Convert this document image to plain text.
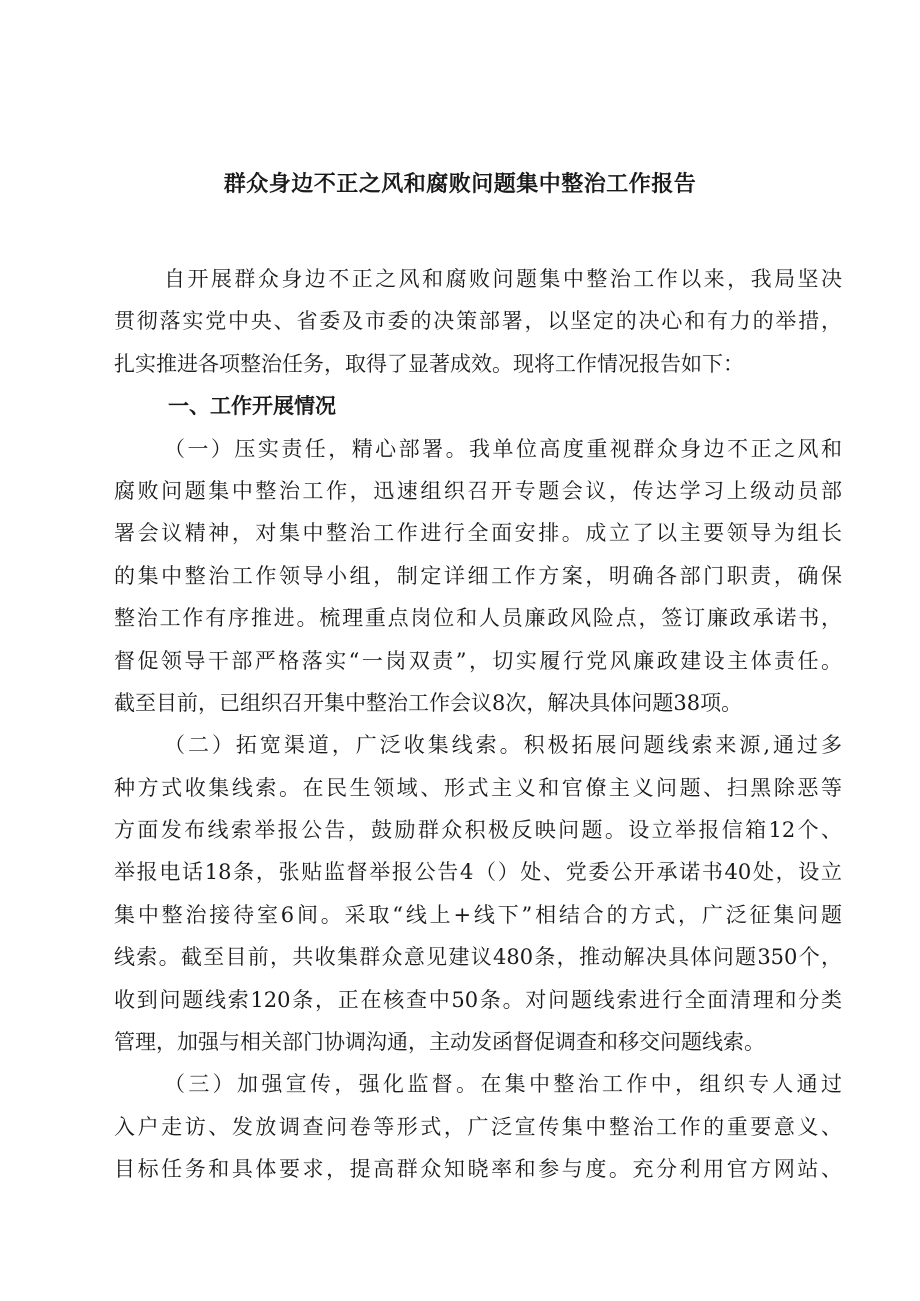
群众身边不正之风和腐败问题集中整治工作报告
自开展群众身边不正之风和腐败问题集中整治工作以来，我局坚决
贯彻落实党中央、省委及市委的决策部署，以坚定的决心和有力的举措，
扎实推进各项整治任务，取得了显著成效。现将工作情况报告如下：
一、工作开展情况
（一）压实责任，精心部署。我单位高度重视群众身边不正之风和
腐败问题集中整治工作，迅速组织召开专题会议，传达学习上级动员部
署会议精神，对集中整治工作进行全面安排。成立了以主要领导为组长
的集中整治工作领导小组，制定详细工作方案，明确各部门职责，确保
整治工作有序推进。梳理重点岗位和人员廉政风险点，签订廉政承诺书，
督促领导干部严格落实“一岗双责”，切实履行党风廉政建设主体责任。
截至目前，已组织召开集中整治工作会议8次，解决具体问题38项。
（二）拓宽渠道，广泛收集线索。积极拓展问题线索来源,通过多
种方式收集线索。在民生领域、形式主义和官僚主义问题、扫黑除恶等
方面发布线索举报公告，鼓励群众积极反映问题。设立举报信箱12个、
举报电话18条，张贴监督举报公告4（）处、党委公开承诺书40处，设立
集中整治接待室6间。采取“线上+线下”相结合的方式，广泛征集问题
线索。截至目前，共收集群众意见建议480条，推动解决具体问题350个，
收到问题线索120条，正在核查中50条。对问题线索进行全面清理和分类
管理，加强与相关部门协调沟通，主动发函督促调查和移交问题线索。
（三）加强宣传，强化监督。在集中整治工作中，组织专人通过
入户走访、发放调查问卷等形式，广泛宣传集中整治工作的重要意义、
目标任务和具体要求，提高群众知晓率和参与度。充分利用官方网站、
